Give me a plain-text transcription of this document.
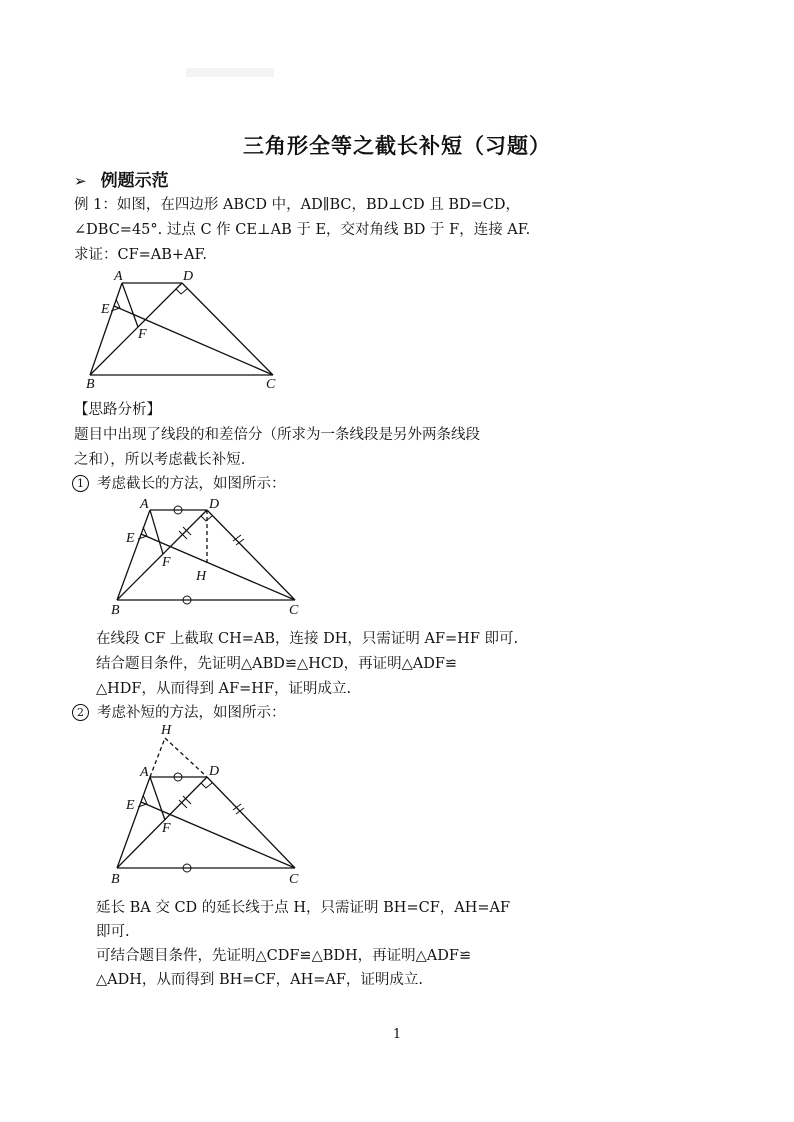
三角形全等之截长补短（习题）
➢ 例题示范
例 1：如图，在四边形 ABCD 中，AD∥BC，BD⊥CD 且 BD=CD，
∠DBC=45°. 过点 C 作 CE⊥AB 于 E，交对角线 BD 于 F，连接 AF.
求证：CF=AB+AF.
A	D
E
F
B	C
【思路分析】
题目中出现了线段的和差倍分（所求为一条线段是另外两条线段
之和），所以考虑截长补短.
1 考虑截长的方法，如图所示：
A	D
E
F
H
B	C
在线段 CF 上截取 CH=AB，连接 DH，只需证明 AF=HF 即可.
结合题目条件，先证明△ABD≌△HCD，再证明△ADF≌
△HDF，从而得到 AF=HF，证明成立.
2 考虑补短的方法，如图所示：
H
A	D
E
F
B	C
延长 BA 交 CD 的延长线于点 H，只需证明 BH=CF，AH=AF
即可.
可结合题目条件，先证明△CDF≌△BDH，再证明△ADF≌
△ADH，从而得到 BH=CF，AH=AF，证明成立.
1
